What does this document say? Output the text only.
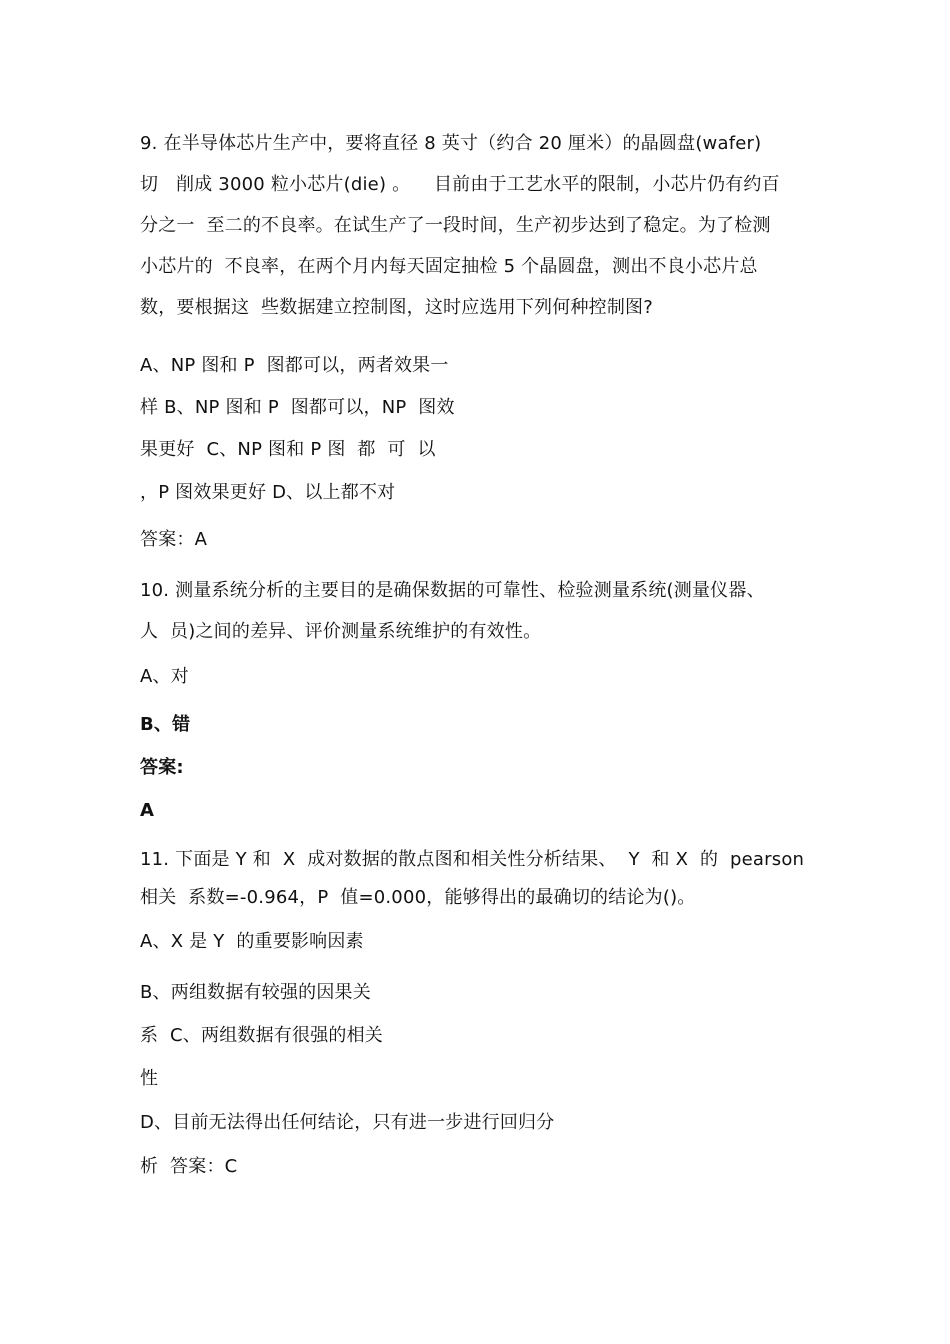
9. 在半导体芯片生产中，要将直径 8 英寸（约合 20 厘米）的晶圆盘(wafer)
切   削成 3000 粒小芯片(die) 。    目前由于工艺水平的限制，小芯片仍有约百
分之一  至二的不良率。在试生产了一段时间，生产初步达到了稳定。为了检测
小芯片的  不良率，在两个月内每天固定抽检 5 个晶圆盘，测出不良小芯片总
数，要根据这  些数据建立控制图，这时应选用下列何种控制图?
A、NP 图和 P  图都可以，两者效果一
样 B、NP 图和 P  图都可以，NP  图效
果更好  C、NP 图和 P 图  都  可  以
，P 图效果更好 D、以上都不对
答案：A
10. 测量系统分析的主要目的是确保数据的可靠性、检验测量系统(测量仪器、
人  员)之间的差异、评价测量系统维护的有效性。
A、对
B、错
答案:
A
11. 下面是 Y 和  X  成对数据的散点图和相关性分析结果、  Y  和 X  的  pearson
相关  系数=-0.964，P  值=0.000，能够得出的最确切的结论为()。
A、X 是 Y  的重要影响因素
B、两组数据有较强的因果关
系  C、两组数据有很强的相关
性
D、目前无法得出任何结论，只有进一步进行回归分
析  答案：C
